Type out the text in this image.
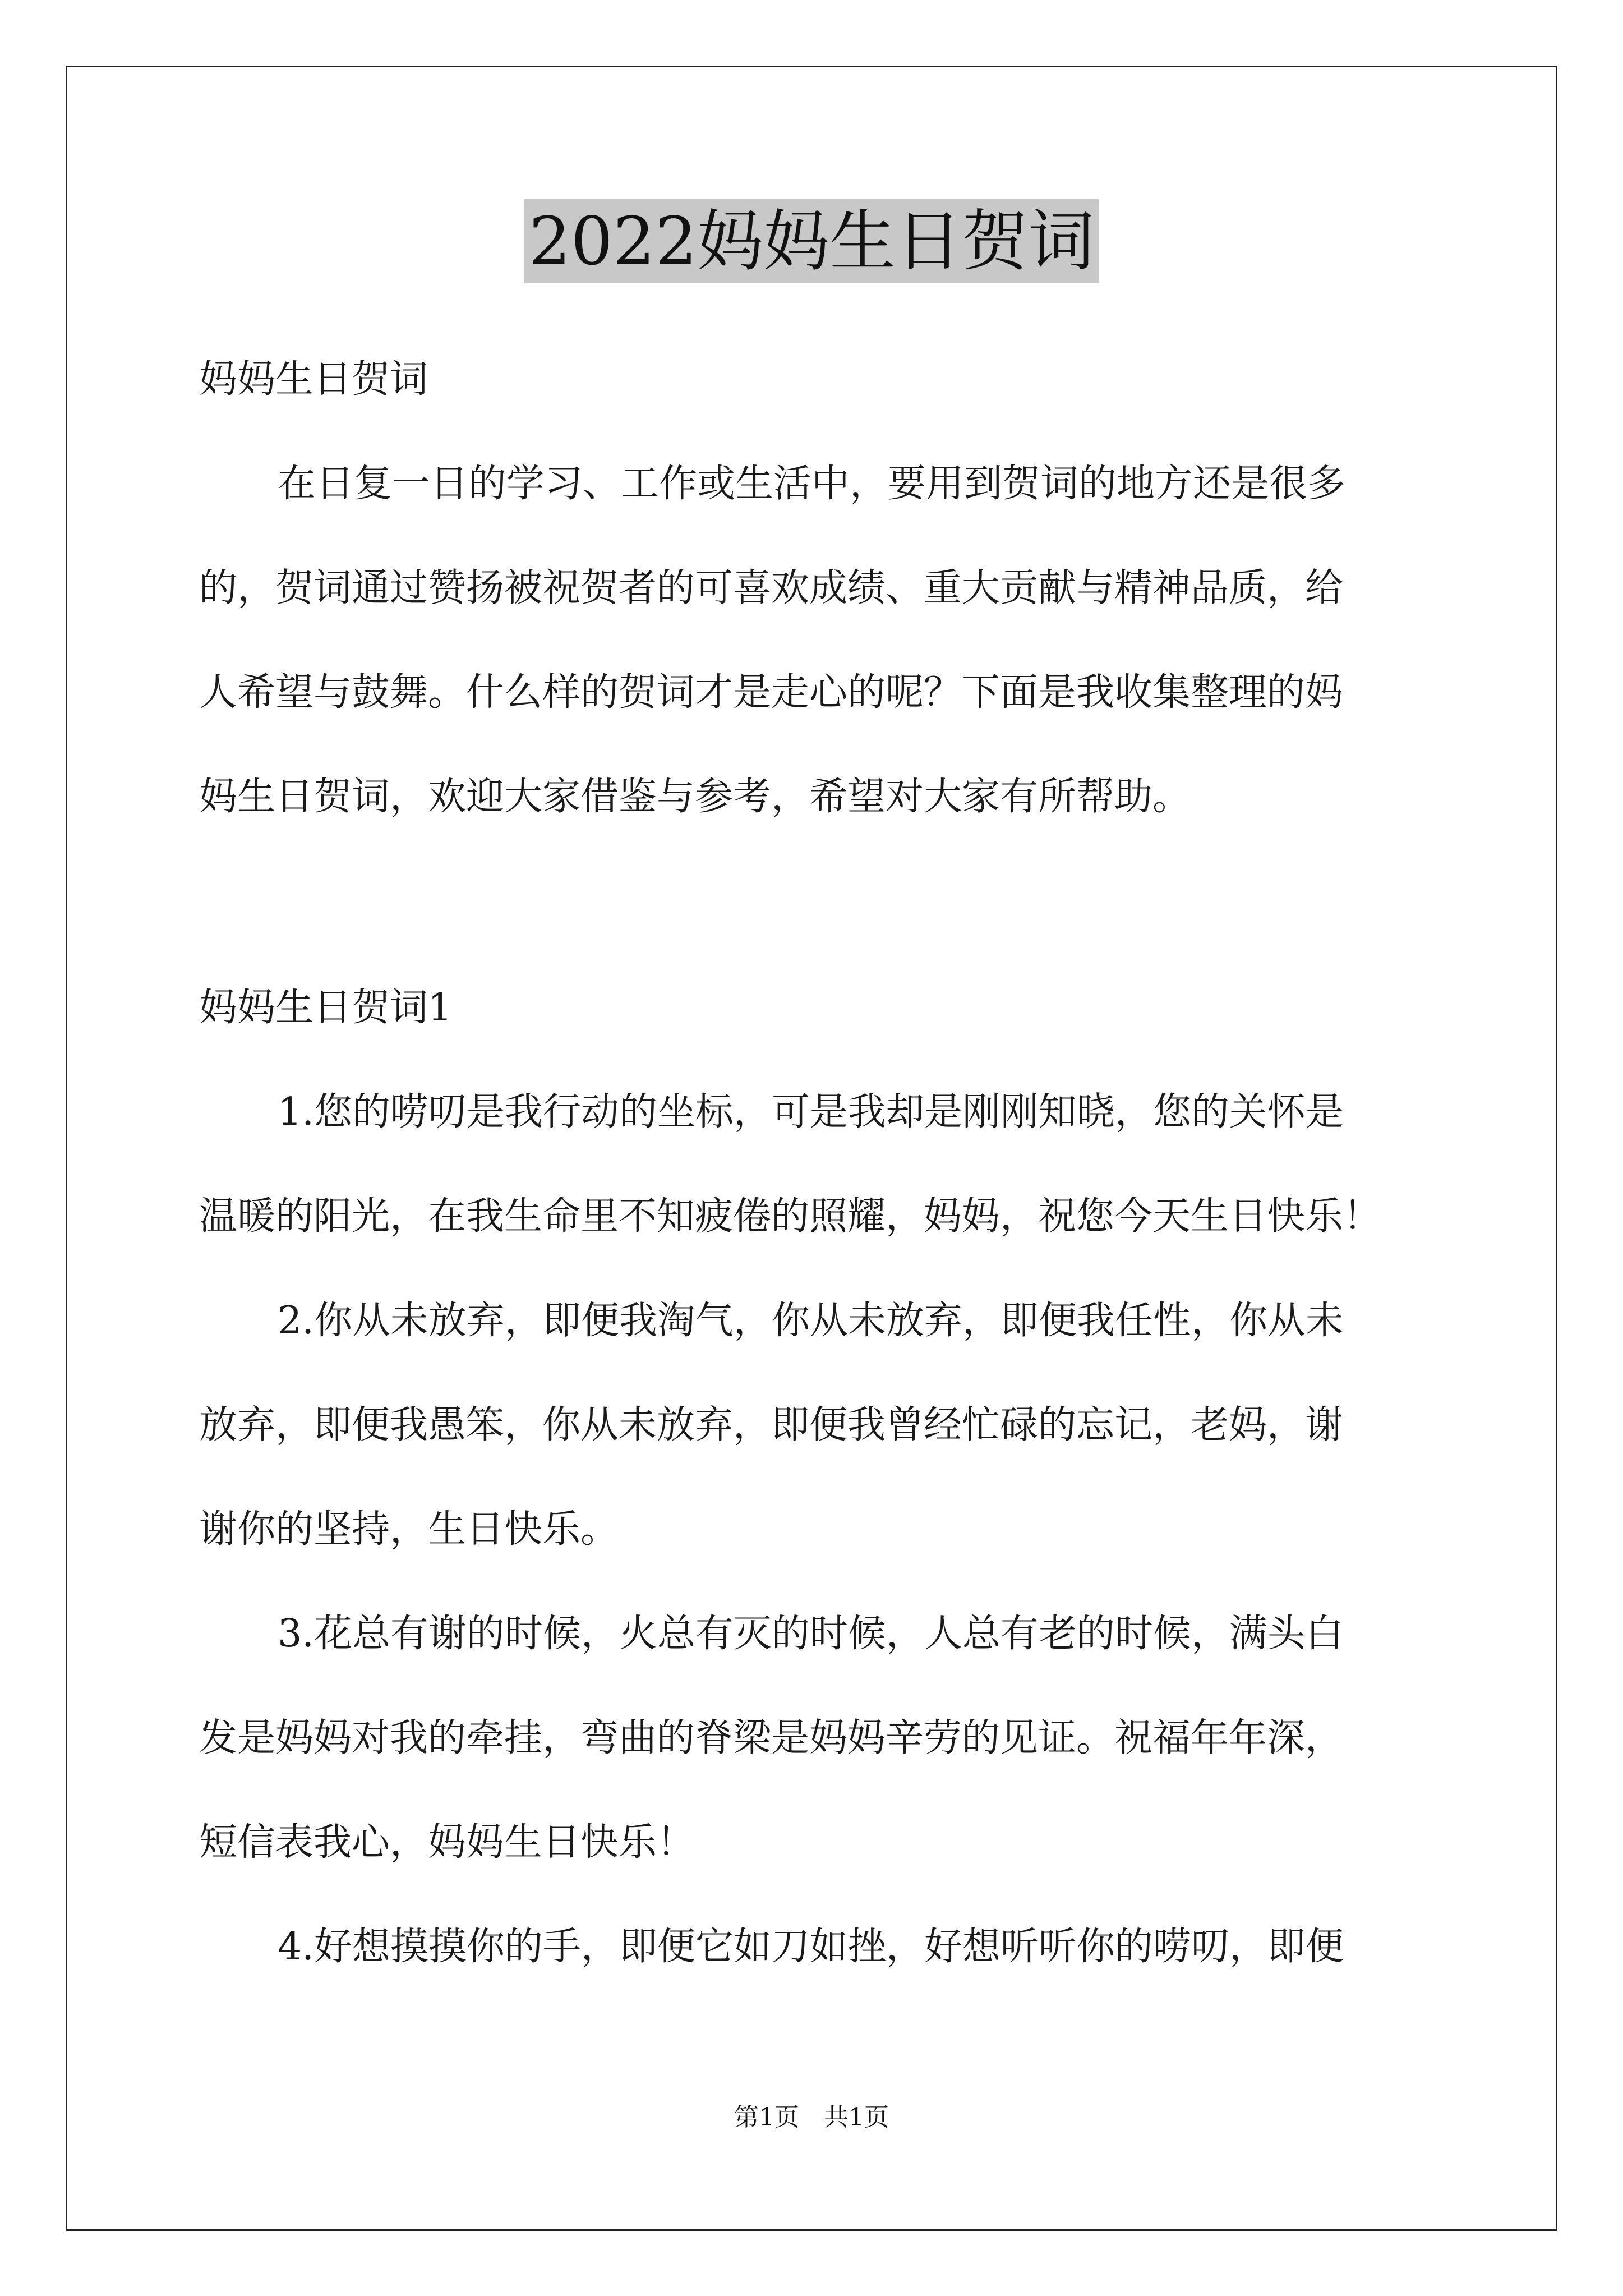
2022妈妈生日贺词

妈妈生日贺词

在日复一日的学习、工作或生活中，要用到贺词的地方还是很多
的，贺词通过赞扬被祝贺者的可喜欢成绩、重大贡献与精神品质，给
人希望与鼓舞。什么样的贺词才是走心的呢？下面是我收集整理的妈
妈生日贺词，欢迎大家借鉴与参考，希望对大家有所帮助。

妈妈生日贺词1

1.您的唠叨是我行动的坐标，可是我却是刚刚知晓，您的关怀是
温暖的阳光，在我生命里不知疲倦的照耀，妈妈，祝您今天生日快乐！

2.你从未放弃，即便我淘气，你从未放弃，即便我任性，你从未
放弃，即便我愚笨，你从未放弃，即便我曾经忙碌的忘记，老妈，谢
谢你的坚持，生日快乐。

3.花总有谢的时候，火总有灭的时候，人总有老的时候，满头白
发是妈妈对我的牵挂，弯曲的脊梁是妈妈辛劳的见证。祝福年年深，
短信表我心，妈妈生日快乐！

4.好想摸摸你的手，即便它如刀如挫，好想听听你的唠叨，即便

第1页　共1页
